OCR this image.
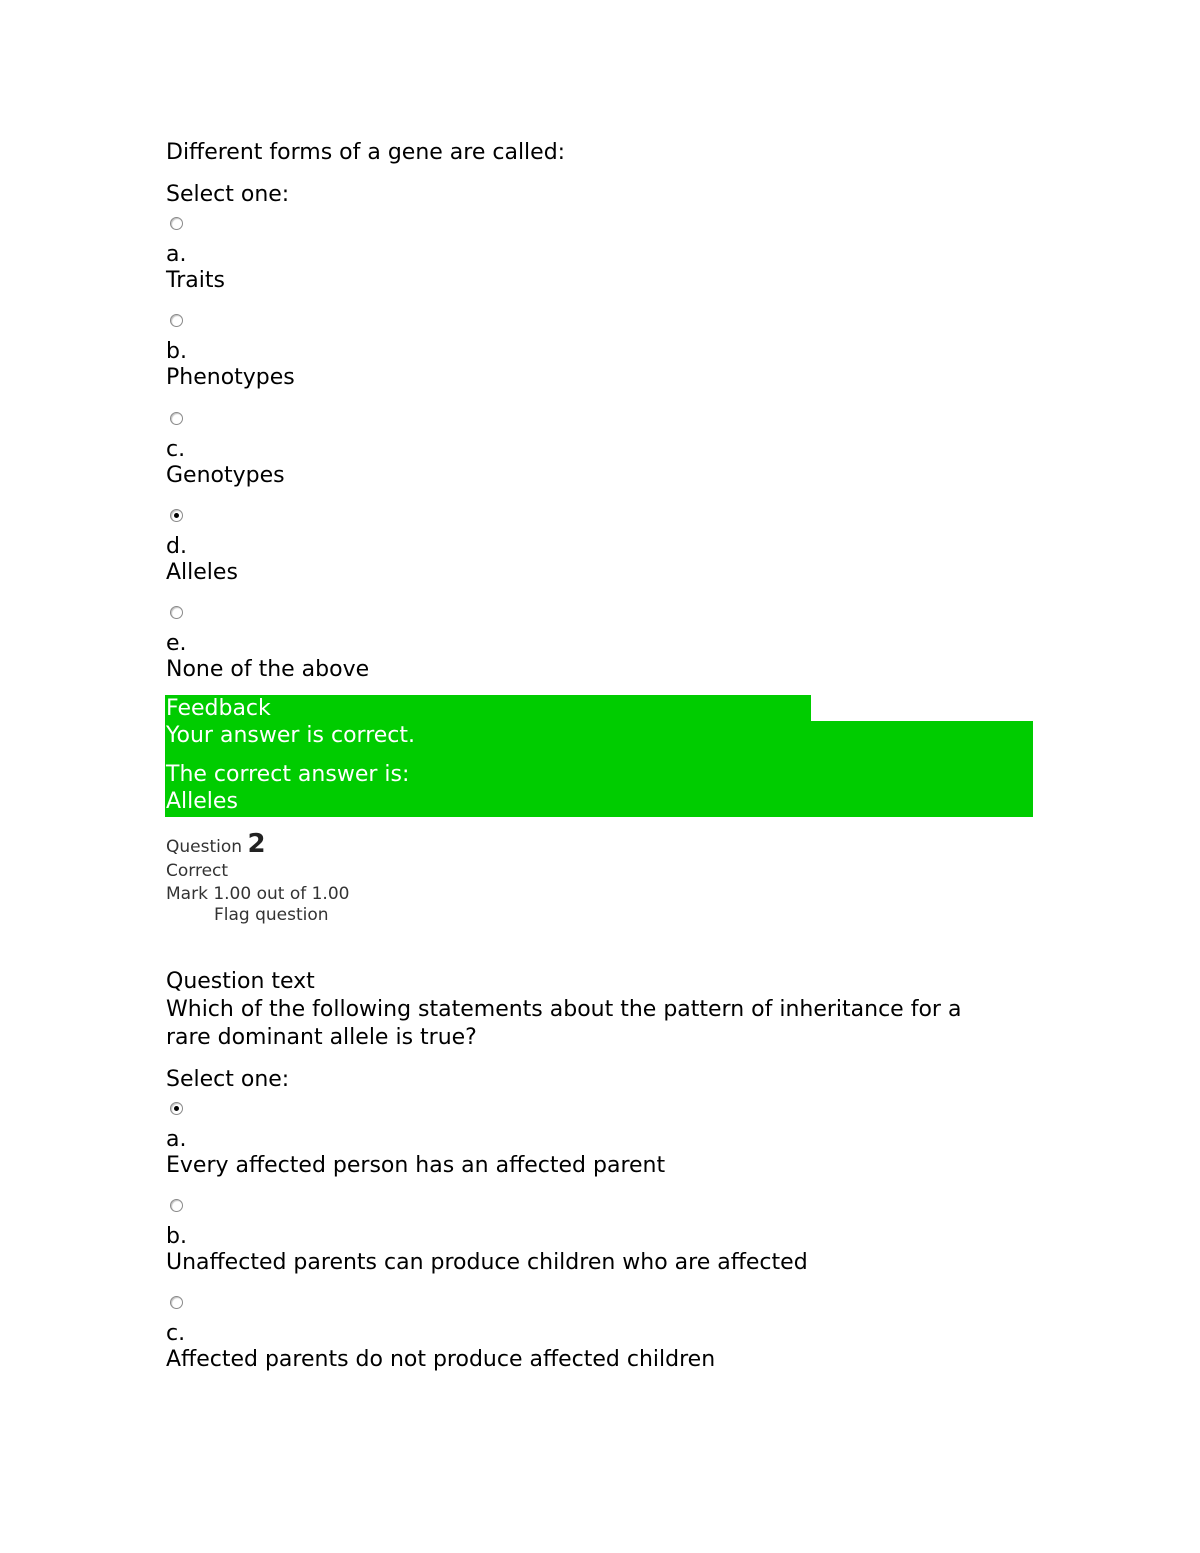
Different forms of a gene are called:
Select one:
a.
Traits
b.
Phenotypes
c.
Genotypes
d.
Alleles
e.
None of the above
Feedback
Your answer is correct.
The correct answer is:
Alleles
Question 2
Correct
Mark 1.00 out of 1.00
Flag question
Question text
Which of the following statements about the pattern of inheritance for a
rare dominant allele is true?
Select one:
a.
Every affected person has an affected parent
b.
Unaffected parents can produce children who are affected
c.
Affected parents do not produce affected children
